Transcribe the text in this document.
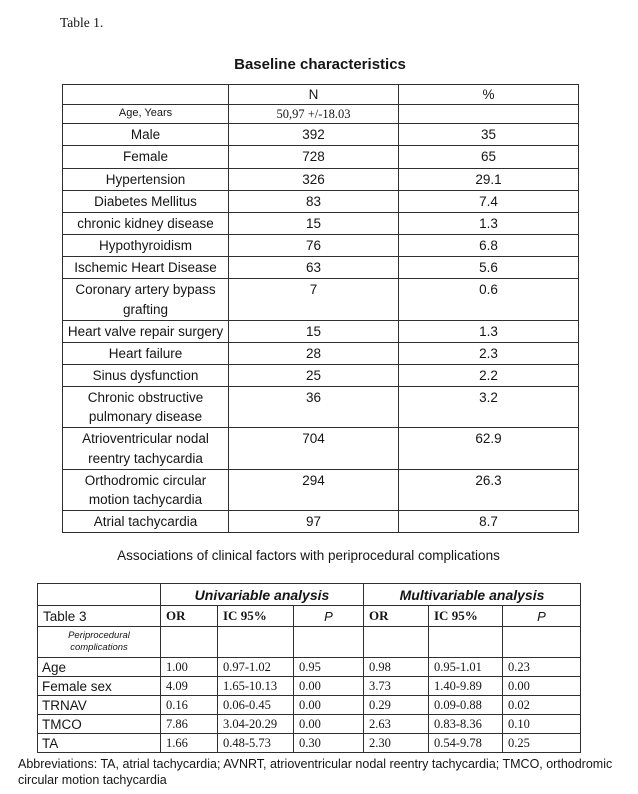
Table 1.
Baseline characteristics
	N	%
Age, Years	50,97 +/-18.03	
Male	392	35
Female	728	65
Hypertension	326	29.1
Diabetes Mellitus	83	7.4
chronic kidney disease	15	1.3
Hypothyroidism	76	6.8
Ischemic Heart Disease	63	5.6
Coronary artery bypass grafting	7	0.6
Heart valve repair surgery	15	1.3
Heart failure	28	2.3
Sinus dysfunction	25	2.2
Chronic obstructive pulmonary disease	36	3.2
Atrioventricular nodal reentry tachycardia	704	62.9
Orthodromic circular motion tachycardia	294	26.3
Atrial tachycardia	97	8.7
Associations of clinical factors with periprocedural complications
	Univariable analysis			Multivariable analysis		
Table 3	OR	IC 95%	P	OR	IC 95%	P
Periprocedural complications						
Age	1.00	0.97-1.02	0.95	0.98	0.95-1.01	0.23
Female sex	4.09	1.65-10.13	0.00	3.73	1.40-9.89	0.00
TRNAV	0.16	0.06-0.45	0.00	0.29	0.09-0.88	0.02
TMCO	7.86	3.04-20.29	0.00	2.63	0.83-8.36	0.10
TA	1.66	0.48-5.73	0.30	2.30	0.54-9.78	0.25
Abbreviations: TA, atrial tachycardia; AVNRT, atrioventricular nodal reentry tachycardia; TMCO, orthodromic circular motion tachycardia
